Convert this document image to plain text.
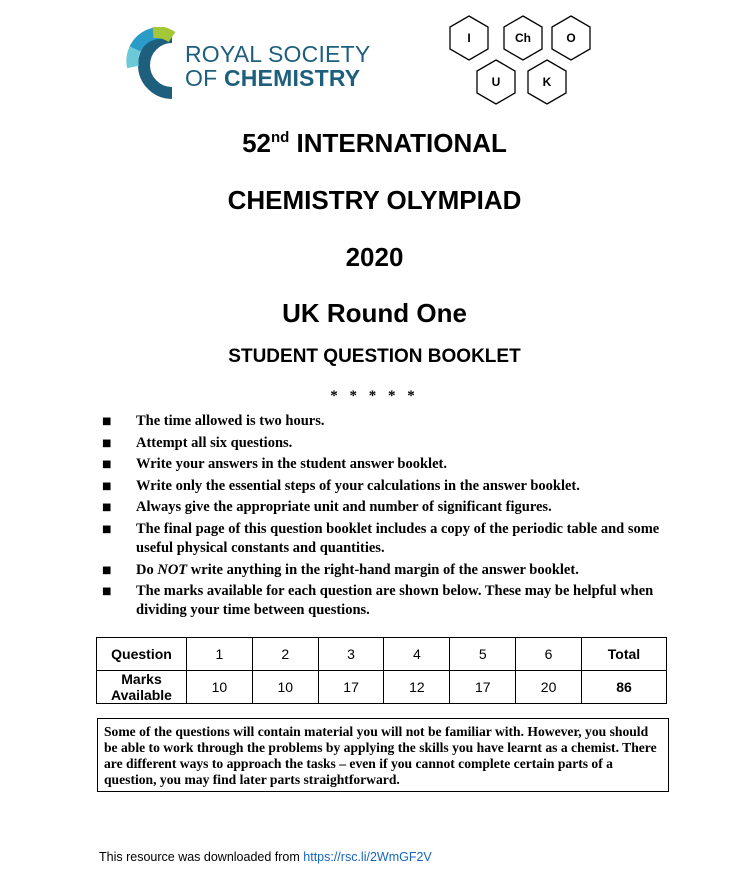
ROYAL SOCIETY
OF CHEMISTRY
I	Ch	O
U	K
52nd INTERNATIONAL
CHEMISTRY OLYMPIAD
2020
UK Round One
STUDENT QUESTION BOOKLET
* * * * *
■ The time allowed is two hours.
■ Attempt all six questions.
■ Write your answers in the student answer booklet.
■ Write only the essential steps of your calculations in the answer booklet.
■ Always give the appropriate unit and number of significant figures.
■ The final page of this question booklet includes a copy of the periodic table and some useful physical constants and quantities.
■ Do NOT write anything in the right-hand margin of the answer booklet.
■ The marks available for each question are shown below. These may be helpful when dividing your time between questions.
Question	1	2	3	4	5	6	Total
Marks Available	10	10	17	12	17	20	86
Some of the questions will contain material you will not be familiar with. However, you should be able to work through the problems by applying the skills you have learnt as a chemist. There are different ways to approach the tasks – even if you cannot complete certain parts of a question, you may find later parts straightforward.
This resource was downloaded from https://rsc.li/2WmGF2V
